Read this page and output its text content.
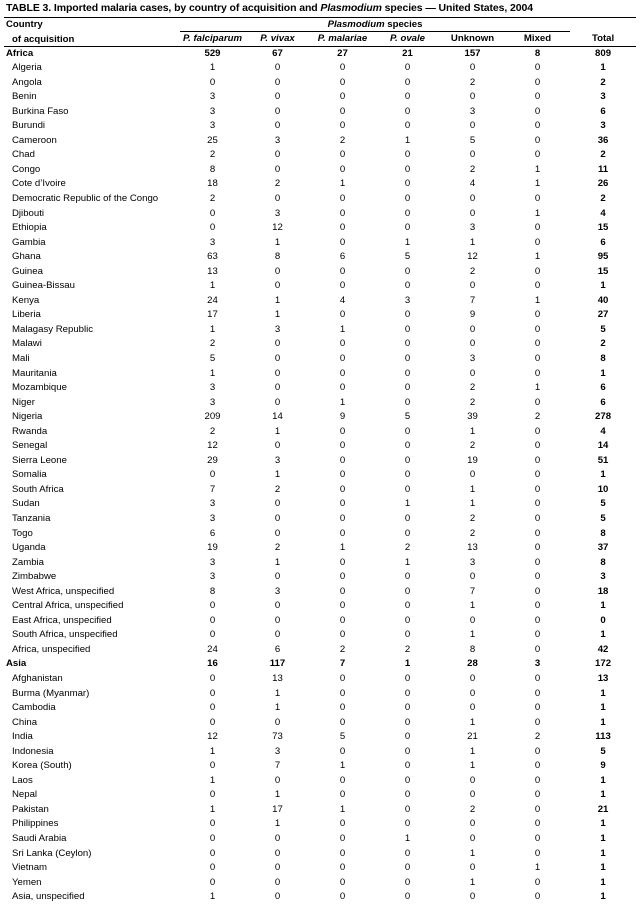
TABLE 3. Imported malaria cases, by country of acquisition and Plasmodium species — United States, 2004
Country	Plasmodium species						
of acquisition	P. falciparum	P. vivax	P. malariae	P. ovale	Unknown	Mixed	Total

Africa	529	67	27	21	157	8	809
Algeria	1	0	0	0	0	0	1
Angola	0	0	0	0	2	0	2
Benin	3	0	0	0	0	0	3
Burkina Faso	3	0	0	0	3	0	6
Burundi	3	0	0	0	0	0	3
Cameroon	25	3	2	1	5	0	36
Chad	2	0	0	0	0	0	2
Congo	8	0	0	0	2	1	11
Cote d’Ivoire	18	2	1	0	4	1	26
Democratic Republic of the Congo	2	0	0	0	0	0	2
Djibouti	0	3	0	0	0	1	4
Ethiopia	0	12	0	0	3	0	15
Gambia	3	1	0	1	1	0	6
Ghana	63	8	6	5	12	1	95
Guinea	13	0	0	0	2	0	15
Guinea-Bissau	1	0	0	0	0	0	1
Kenya	24	1	4	3	7	1	40
Liberia	17	1	0	0	9	0	27
Malagasy Republic	1	3	1	0	0	0	5
Malawi	2	0	0	0	0	0	2
Mali	5	0	0	0	3	0	8
Mauritania	1	0	0	0	0	0	1
Mozambique	3	0	0	0	2	1	6
Niger	3	0	1	0	2	0	6
Nigeria	209	14	9	5	39	2	278
Rwanda	2	1	0	0	1	0	4
Senegal	12	0	0	0	2	0	14
Sierra Leone	29	3	0	0	19	0	51
Somalia	0	1	0	0	0	0	1
South Africa	7	2	0	0	1	0	10
Sudan	3	0	0	1	1	0	5
Tanzania	3	0	0	0	2	0	5
Togo	6	0	0	0	2	0	8
Uganda	19	2	1	2	13	0	37
Zambia	3	1	0	1	3	0	8
Zimbabwe	3	0	0	0	0	0	3
West Africa, unspecified	8	3	0	0	7	0	18
Central Africa, unspecified	0	0	0	0	1	0	1
East Africa, unspecified	0	0	0	0	0	0	0
South Africa, unspecified	0	0	0	0	1	0	1
Africa, unspecified	24	6	2	2	8	0	42
Asia	16	117	7	1	28	3	172
Afghanistan	0	13	0	0	0	0	13
Burma (Myanmar)	0	1	0	0	0	0	1
Cambodia	0	1	0	0	0	0	1
China	0	0	0	0	1	0	1
India	12	73	5	0	21	2	113
Indonesia	1	3	0	0	1	0	5
Korea (South)	0	7	1	0	1	0	9
Laos	1	0	0	0	0	0	1
Nepal	0	1	0	0	0	0	1
Pakistan	1	17	1	0	2	0	21
Philippines	0	1	0	0	0	0	1
Saudi Arabia	0	0	0	1	0	0	1
Sri Lanka (Ceylon)	0	0	0	0	1	0	1
Vietnam	0	0	0	0	0	1	1
Yemen	0	0	0	0	1	0	1
Asia, unspecified	1	0	0	0	0	0	1
